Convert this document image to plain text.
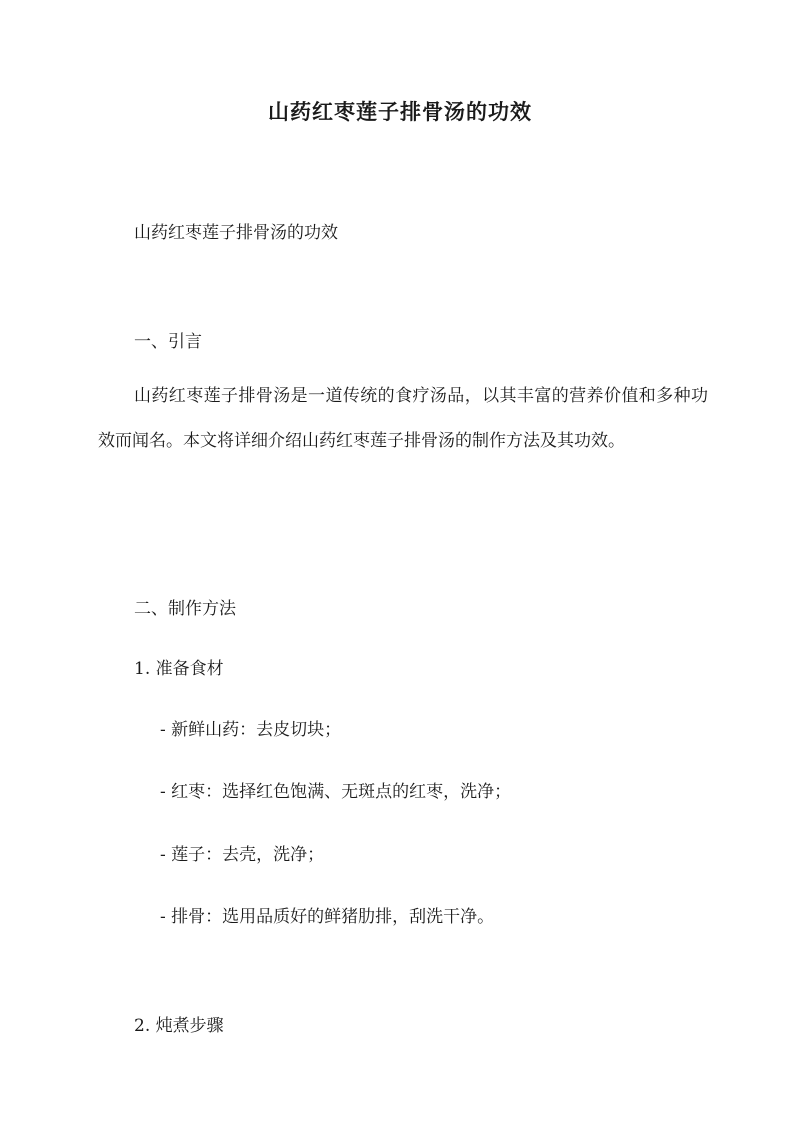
山药红枣莲子排骨汤的功效
山药红枣莲子排骨汤的功效
一、引言
山药红枣莲子排骨汤是一道传统的食疗汤品，以其丰富的营养价值和多种功效而闻名。本文将详细介绍山药红枣莲子排骨汤的制作方法及其功效。
二、制作方法
1. 准备食材
- 新鲜山药：去皮切块；
- 红枣：选择红色饱满、无斑点的红枣，洗净；
- 莲子：去壳，洗净；
- 排骨：选用品质好的鲜猪肋排，刮洗干净。
2. 炖煮步骤
